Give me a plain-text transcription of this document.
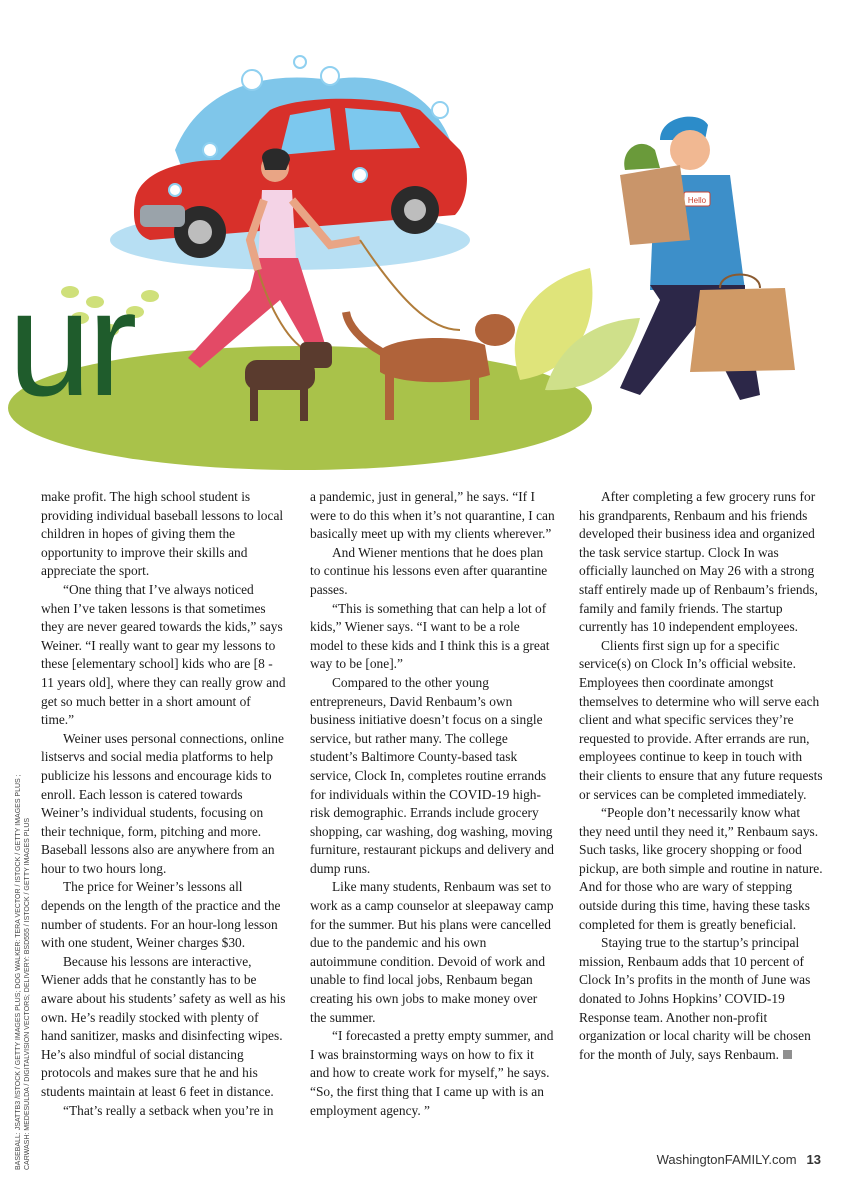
Hello
ur
BASEBALL: JSATTB3 /ISTOCK / GETTY IMAGES PLUS; DOG WALKER: TERA VECTOR / ISTOCK / GETTY IMAGES PLUS ; CARWASH: MEDESULDA / DIGITALVISION VECTORS; DELIVERY: BSD555 / ISTOCK / GETTY IMAGES PLUS

make profit. The high school student is providing individual baseball lessons to local children in hopes of giving them the opportunity to improve their skills and appreciate the sport.

“One thing that I’ve always noticed when I’ve taken lessons is that sometimes they are never geared towards the kids,” says Weiner. “I really want to gear my lessons to these [elementary school] kids who are [8 - 11 years old], where they can really grow and get so much better in a short amount of time.”

Weiner uses personal connections, online listservs and social media platforms to help publicize his lessons and encourage kids to enroll. Each lesson is catered towards Weiner’s individual students, focusing on their technique, form, pitching and more. Baseball lessons also are anywhere from an hour to two hours long.

The price for Weiner’s lessons all depends on the length of the practice and the number of students. For an hour-long lesson with one student, Weiner charges $30.

Because his lessons are interactive, Wiener adds that he constantly has to be aware about his students’ safety as well as his own. He’s readily stocked with plenty of hand sanitizer, masks and disinfecting wipes. He’s also mindful of social distancing protocols and makes sure that he and his students maintain at least 6 feet in distance.

“That’s really a setback when you’re in

a pandemic, just in general,” he says. “If I were to do this when it’s not quarantine, I can basically meet up with my clients wherever.”

And Wiener mentions that he does plan to continue his lessons even after quarantine passes.

“This is something that can help a lot of kids,” Wiener says. “I want to be a role model to these kids and I think this is a great way to be [one].”

Compared to the other young entrepreneurs, David Renbaum’s own business initiative doesn’t focus on a single service, but rather many. The college student’s Baltimore County-based task service, Clock In, completes routine errands for individuals within the COVID-19 high-risk demographic. Errands include grocery shopping, car washing, dog washing, moving furniture, restaurant pickups and delivery and dump runs.

Like many students, Renbaum was set to work as a camp counselor at sleepaway camp for the summer. But his plans were cancelled due to the pandemic and his own autoimmune condition. Devoid of work and unable to find local jobs, Renbaum began creating his own jobs to make money over the summer.

“I forecasted a pretty empty summer, and I was brainstorming ways on how to fix it and how to create work for myself,” he says. “So, the first thing that I came up with is an employment agency. ”

After completing a few grocery runs for his grandparents, Renbaum and his friends developed their business idea and organized the task service startup. Clock In was officially launched on May 26 with a strong staff entirely made up of Renbaum’s friends, family and family friends. The startup currently has 10 independent employees.

Clients first sign up for a specific service(s) on Clock In’s official website. Employees then coordinate amongst themselves to determine who will serve each client and what specific services they’re requested to provide. After errands are run, employees continue to keep in touch with their clients to ensure that any future requests or services can be completed immediately.

“People don’t necessarily know what they need until they need it,” Renbaum says. Such tasks, like grocery shopping or food pickup, are both simple and routine in nature. And for those who are wary of stepping outside during this time, having these tasks completed for them is greatly beneficial.

Staying true to the startup’s principal mission, Renbaum adds that 10 percent of Clock In’s profits in the month of June was donated to Johns Hopkins’ COVID-19 Response team. Another non-profit organization or local charity will be chosen for the month of July, says Renbaum.

WashingtonFAMILY.com 13
